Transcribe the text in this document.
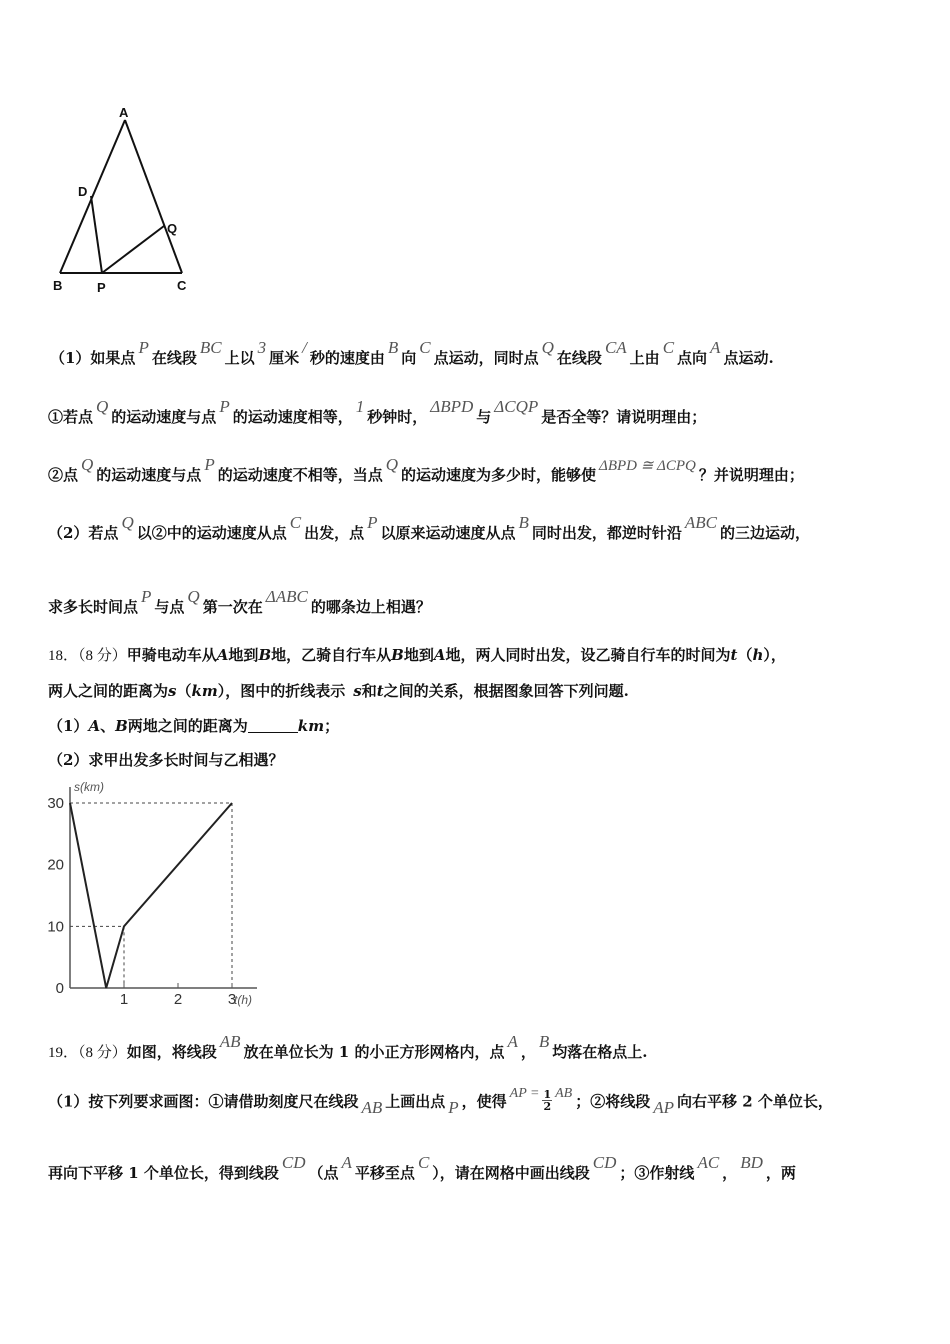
A
D
Q
B	P	C
（1）如果点P在线段BC上以3厘米/秒的速度由B向C点运动，同时点Q在线段CA上由C点向A点运动.
①若点Q的运动速度与点P的运动速度相等，1秒钟时，ΔBPD与ΔCQP是否全等？请说明理由；
②点Q的运动速度与点P的运动速度不相等，当点Q的运动速度为多少时，能够使 ΔBPD ≅ ΔCPQ ？并说明理由；
（2）若点Q以②中的运动速度从点C出发，点P以原来运动速度从点B同时出发，都逆时针沿ABC的三边运动，
求多长时间点P与点Q第一次在ΔABC的哪条边上相遇？
18．（8 分）甲骑电动车从A地到B地，乙骑自行车从B地到A地，两人同时出发，设乙骑自行车的时间为t（h），
两人之间的距离为s（km），图中的折线表示 s和t之间的关系，根据图象回答下列问题.
（1）A、B两地之间的距离为	km；
（2）求甲出发多长时间与乙相遇？
1	2	3
0
10
20
30
t(h)
s(km)
19．（8 分）如图，将线段AB放在单位长为 1 的小正方形网格内，点A，B均落在格点上.
（1）按下列要求画图：①请借助刻度尺在线段 AB 上画出点 P ，使得 AP = $\frac{1}{2}$ AB ；②将线段 AP 向右平移 2 个单位长，
再向下平移 1 个单位长，得到线段CD（点A平移至点C），请在网格中画出线段CD；③作射线AC，BD，两
